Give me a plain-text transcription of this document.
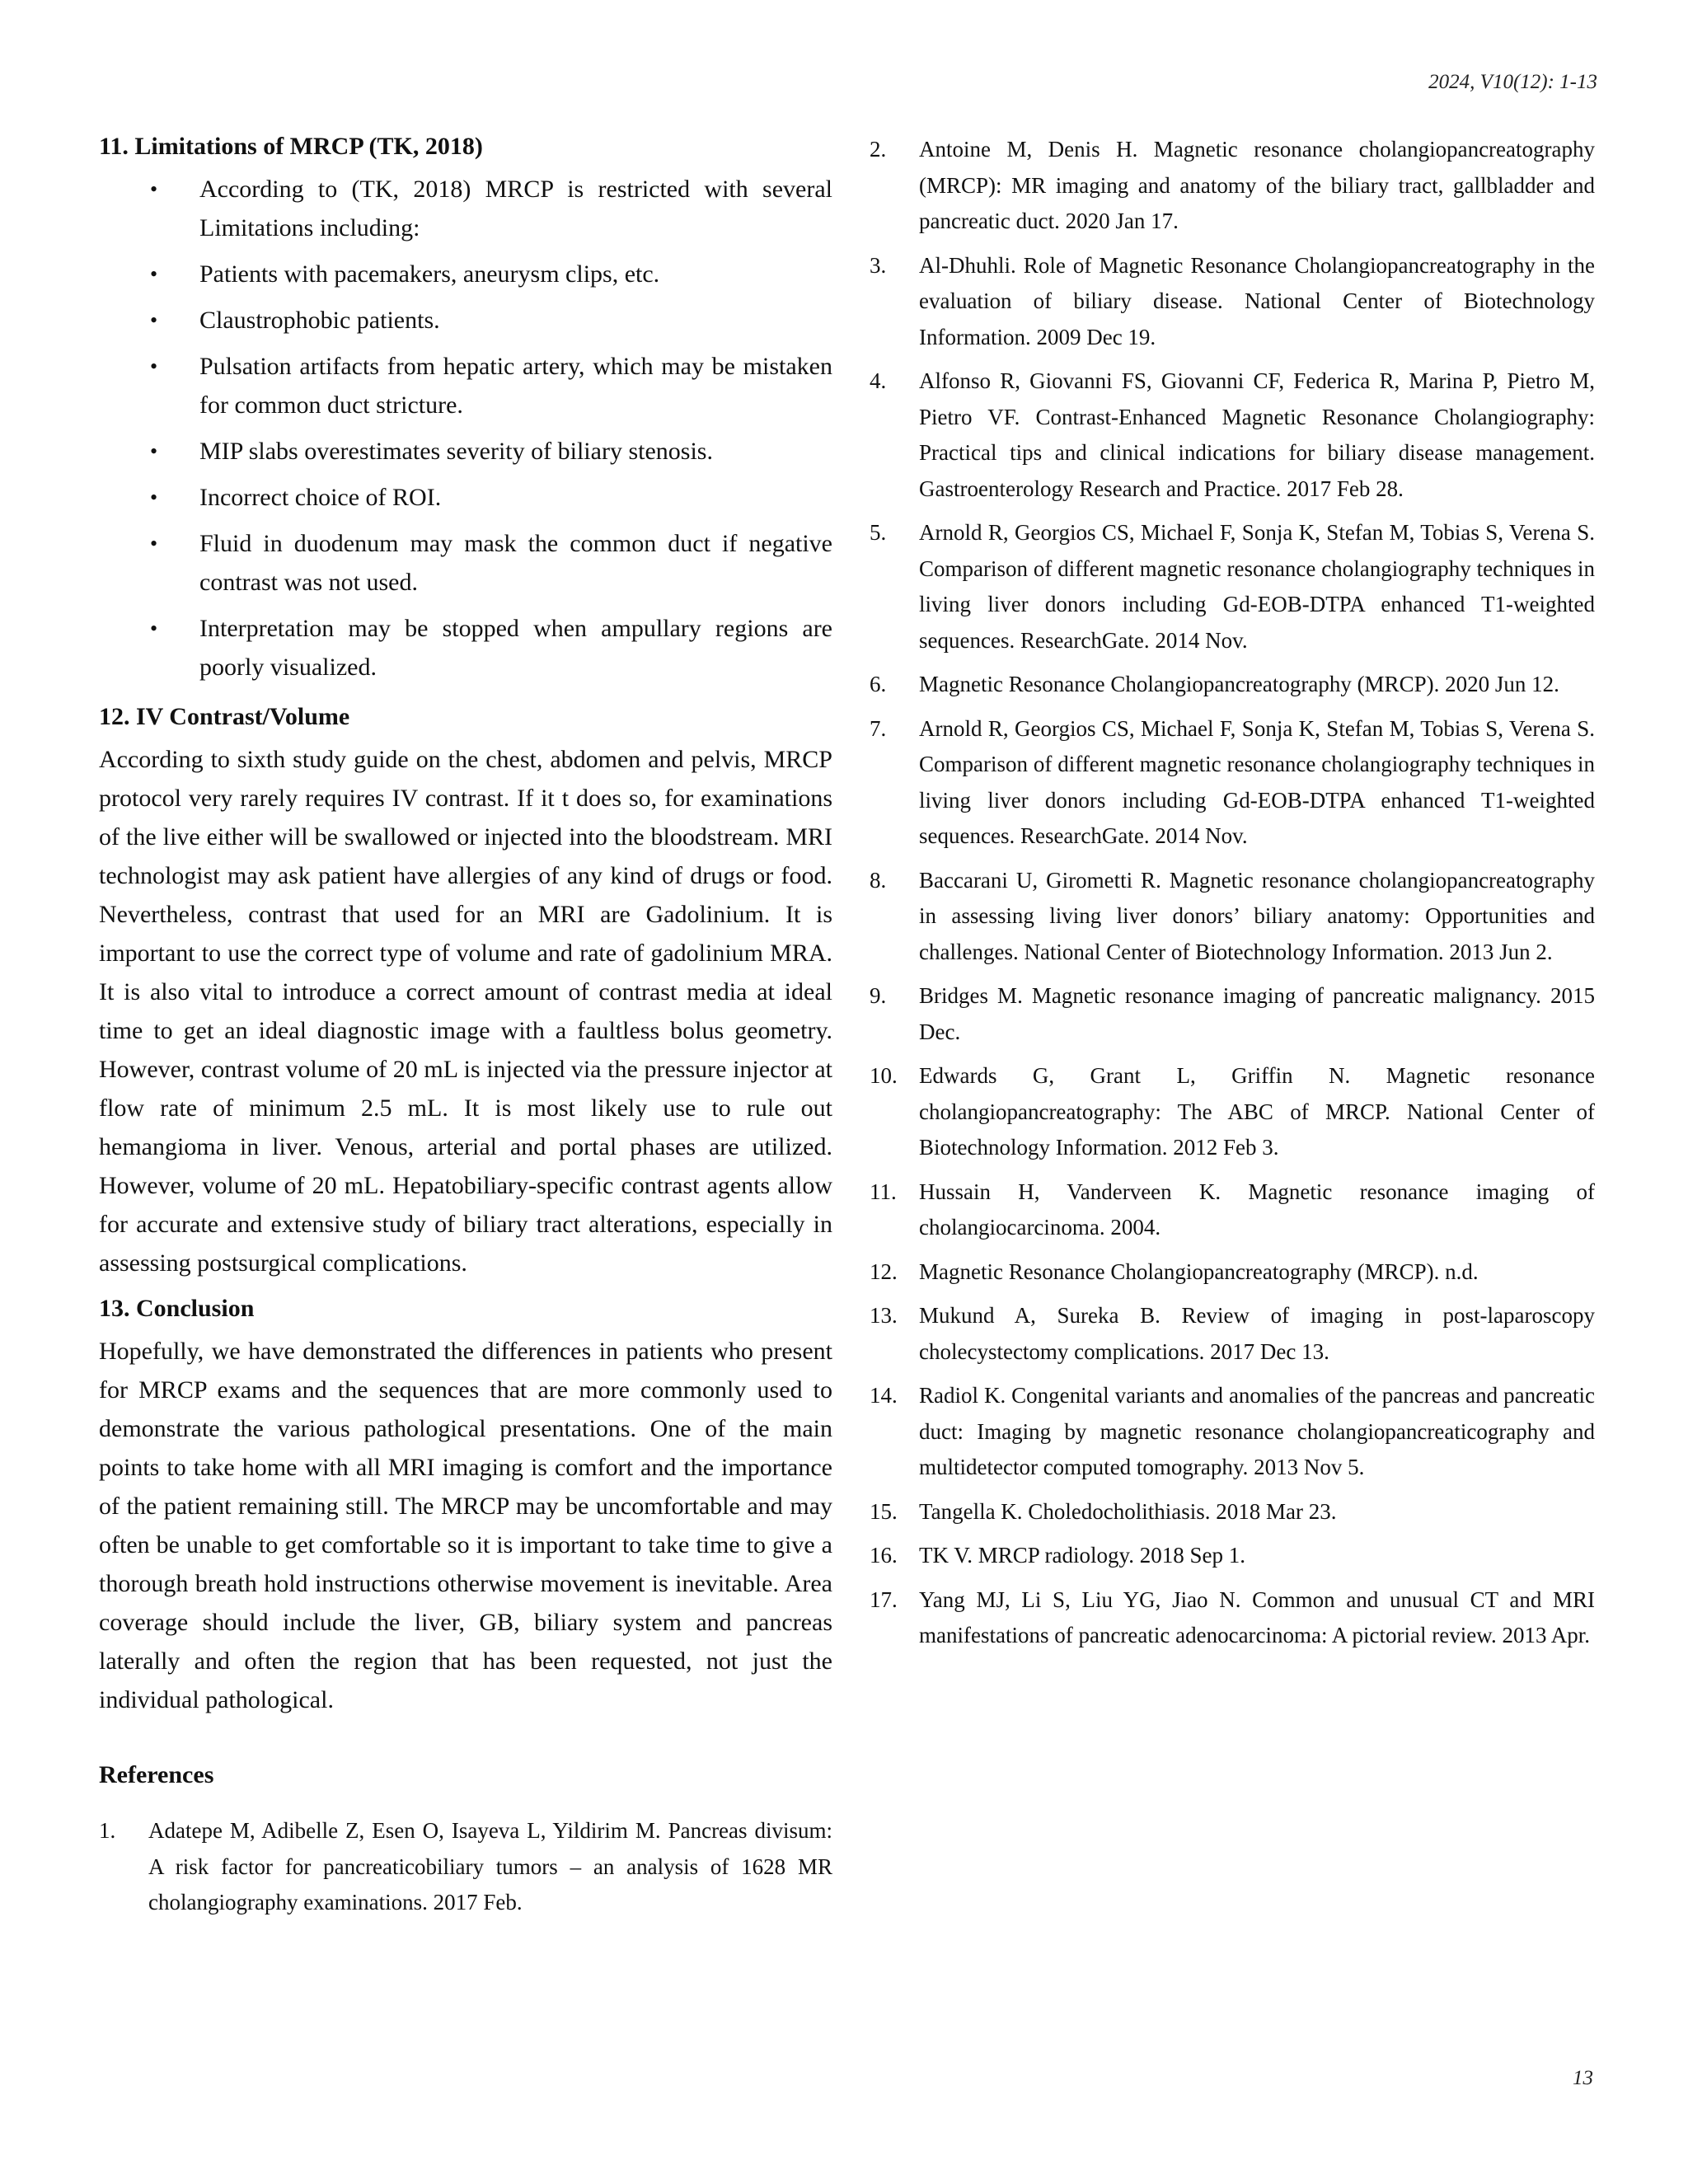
2024, V10(12): 1-13
11. Limitations of MRCP (TK, 2018)
• According to (TK, 2018) MRCP is restricted with several Limitations including:
• Patients with pacemakers, aneurysm clips, etc.
• Claustrophobic patients.
• Pulsation artifacts from hepatic artery, which may be mistaken for common duct stricture.
• MIP slabs overestimates severity of biliary stenosis.
• Incorrect choice of ROI.
• Fluid in duodenum may mask the common duct if negative contrast was not used.
• Interpretation may be stopped when ampullary regions are poorly visualized.
12. IV Contrast/Volume

According to sixth study guide on the chest, abdomen and pelvis, MRCP protocol very rarely requires IV contrast. If it t does so, for examinations of the live either will be swallowed or injected into the bloodstream. MRI technologist may ask patient have allergies of any kind of drugs or food. Nevertheless, contrast that used for an MRI are Gadolinium. It is important to use the correct type of volume and rate of gadolinium MRA. It is also vital to introduce a correct amount of contrast media at ideal time to get an ideal diagnostic image with a faultless bolus geometry. However, contrast volume of 20 mL is injected via the pressure injector at flow rate of minimum 2.5 mL. It is most likely use to rule out hemangioma in liver. Venous, arterial and portal phases are utilized. However, volume of 20 mL. Hepatobiliary-specific contrast agents allow for accurate and extensive study of biliary tract alterations, especially in assessing postsurgical complications.

13. Conclusion

Hopefully, we have demonstrated the differences in patients who present for MRCP exams and the sequences that are more commonly used to demonstrate the various pathological presentations. One of the main points to take home with all MRI imaging is comfort and the importance of the patient remaining still. The MRCP may be uncomfortable and may often be unable to get comfortable so it is important to take time to give a thorough breath hold instructions otherwise movement is inevitable. Area coverage should include the liver, GB, biliary system and pancreas laterally and often the region that has been requested, not just the individual pathological.

References
1.	Adatepe M, Adibelle Z, Esen O, Isayeva L, Yildirim M. Pancreas divisum: A risk factor for pancreaticobiliary tumors – an analysis of 1628 MR cholangiography examinations. 2017 Feb.
2.	Antoine M, Denis H. Magnetic resonance cholangiopancreatography (MRCP): MR imaging and anatomy of the biliary tract, gallbladder and pancreatic duct. 2020 Jan 17.
3.	Al-Dhuhli. Role of Magnetic Resonance Cholangiopancreatography in the evaluation of biliary disease. National Center of Biotechnology Information. 2009 Dec 19.
4.	Alfonso R, Giovanni FS, Giovanni CF, Federica R, Marina P, Pietro M, Pietro VF. Contrast-Enhanced Magnetic Resonance Cholangiography: Practical tips and clinical indications for biliary disease management. Gastroenterology Research and Practice. 2017 Feb 28.
5.	Arnold R, Georgios CS, Michael F, Sonja K, Stefan M, Tobias S, Verena S. Comparison of different magnetic resonance cholangiography techniques in living liver donors including Gd-EOB-DTPA enhanced T1-weighted sequences. ResearchGate. 2014 Nov.
6.	Magnetic Resonance Cholangiopancreatography (MRCP). 2020 Jun 12.
7.	Arnold R, Georgios CS, Michael F, Sonja K, Stefan M, Tobias S, Verena S. Comparison of different magnetic resonance cholangiography techniques in living liver donors including Gd-EOB-DTPA enhanced T1-weighted sequences. ResearchGate. 2014 Nov.
8.	Baccarani U, Girometti R. Magnetic resonance cholangiopancreatography in assessing living liver donors’ biliary anatomy: Opportunities and challenges. National Center of Biotechnology Information. 2013 Jun 2.
9.	Bridges M. Magnetic resonance imaging of pancreatic malignancy. 2015 Dec.
10. Edwards G, Grant L, Griffin N. Magnetic resonance cholangiopancreatography: The ABC of MRCP. National Center of Biotechnology Information. 2012 Feb 3.
11.	Hussain H, Vanderveen K. Magnetic resonance imaging of cholangiocarcinoma. 2004.
12. Magnetic Resonance Cholangiopancreatography (MRCP). n.d.
13. Mukund A, Sureka B. Review of imaging in post-laparoscopy cholecystectomy complications. 2017 Dec 13.
14. Radiol K. Congenital variants and anomalies of the pancreas and pancreatic duct: Imaging by magnetic resonance cholangiopancreaticography and multidetector computed tomography. 2013 Nov 5.
15. Tangella K. Choledocholithiasis. 2018 Mar 23.
16. TK V. MRCP radiology. 2018 Sep 1.
17. Yang MJ, Li S, Liu YG, Jiao N. Common and unusual CT and MRI manifestations of pancreatic adenocarcinoma: A pictorial review. 2013 Apr.
13
